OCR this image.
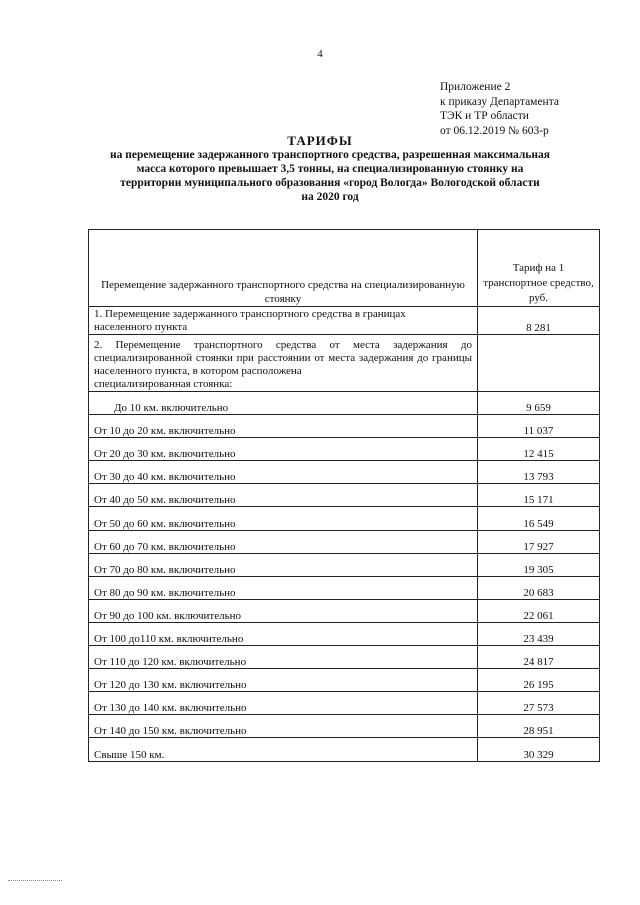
4
Приложение 2
к приказу Департамента
ТЭК и ТР области
от 06.12.2019 № 603-р
ТАРИФЫ
на перемещение задержанного транспортного средства, разрешенная максимальная
масса которого превышает 3,5 тонны, на специализированную стоянку на
территории муниципального образования «город Вологда» Вологодской области
на 2020 год
Перемещение задержанного транспортного средства на специализированную стоянку	Тариф на 1 транспортное средство, руб.

1. Перемещение задержанного транспортного средства в границах
населенного пункта	8 281

2. Перемещение транспортного средства от места задержания до специализированной стоянки при расстоянии от места задержания до границы населенного пункта, в котором расположена
специализированная стоянка:	

До 10 км. включительно	9 659
От 10 до 20 км. включительно	11 037
От 20 до 30 км. включительно	12 415
От 30 до 40 км. включительно	13 793
От 40 до 50 км. включительно	15 171
От 50 до 60 км. включительно	16 549
От 60 до 70 км. включительно	17 927
От 70 до 80 км. включительно	19 305
От 80 до 90 км. включительно	20 683
От 90 до 100 км. включительно	22 061
От 100 до110 км. включительно	23 439
От 110 до 120 км. включительно	24 817
От 120 до 130 км. включительно	26 195
От 130 до 140 км. включительно	27 573
От 140 до 150 км. включительно	28 951
Свыше 150 км.	30 329
